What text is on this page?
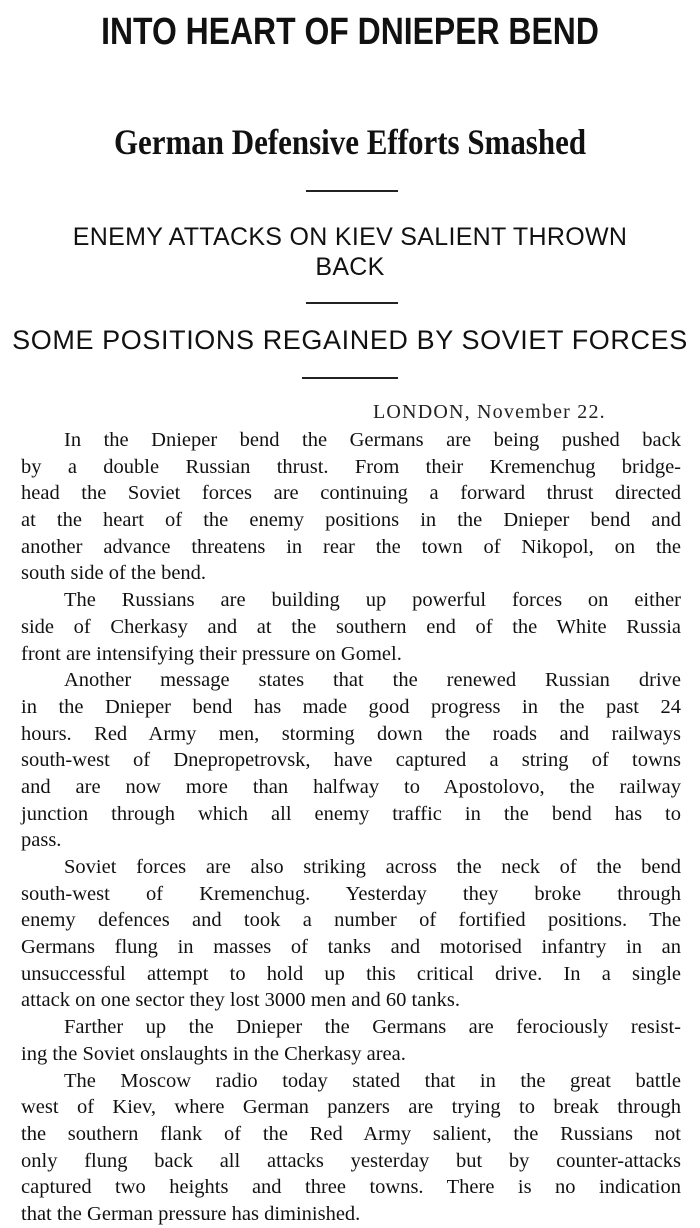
INTO HEART OF DNIEPER BEND
German Defensive Efforts Smashed
ENEMY ATTACKS ON KIEV SALIENT THROWN
BACK
SOME POSITIONS REGAINED BY SOVIET FORCES
LONDON, November 22.

In the Dnieper bend the Germans are being pushed back
by a double Russian thrust. From their Kremenchug bridge-
head the Soviet forces are continuing a forward thrust directed
at the heart of the enemy positions in the Dnieper bend and
another advance threatens in rear the town of Nikopol, on the
south side of the bend.

The Russians are building up powerful forces on either
side of Cherkasy and at the southern end of the White Russia
front are intensifying their pressure on Gomel.

Another message states that the renewed Russian drive
in the Dnieper bend has made good progress in the past 24
hours. Red Army men, storming down the roads and railways
south-west of Dnepropetrovsk, have captured a string of towns
and are now more than halfway to Apostolovo, the railway
junction through which all enemy traffic in the bend has to
pass.

Soviet forces are also striking across the neck of the bend
south-west of Kremenchug. Yesterday they broke through
enemy defences and took a number of fortified positions. The
Germans flung in masses of tanks and motorised infantry in an
unsuccessful attempt to hold up this critical drive. In a single
attack on one sector they lost 3000 men and 60 tanks.

Farther up the Dnieper the Germans are ferociously resist-
ing the Soviet onslaughts in the Cherkasy area.

The Moscow radio today stated that in the great battle
west of Kiev, where German panzers are trying to break through
the southern flank of the Red Army salient, the Russians not
only flung back all attacks yesterday but by counter-attacks
captured two heights and three towns. There is no indication
that the German pressure has diminished.
